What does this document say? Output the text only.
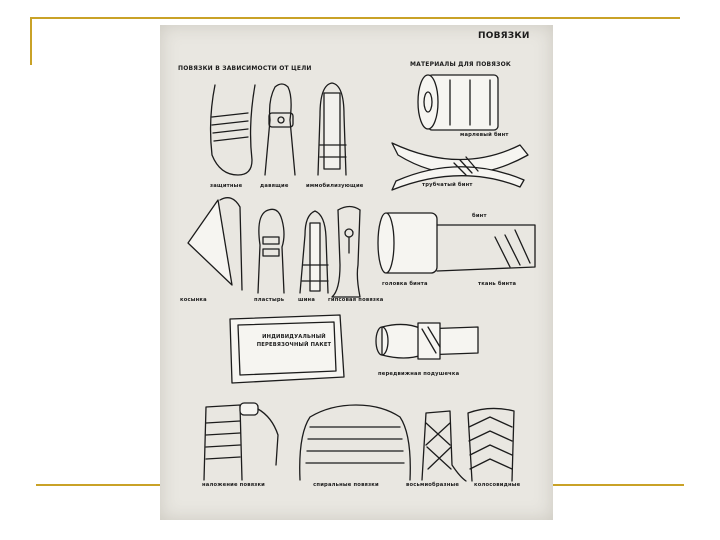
ПОВЯЗКИ
ПОВЯЗКИ В ЗАВИСИМОСТИ ОТ ЦЕЛИ
МАТЕРИАЛЫ ДЛЯ ПОВЯЗОК
защитные	давящие	иммобилизующие
марлевый бинт
трубчатый бинт
бинт
косынка	пластырь	шина гипсовая повязка
головка бинта	ткань бинта
ИНДИВИДУАЛЬНЫЙ ПЕРЕВЯЗОЧНЫЙ ПАКЕТ
передвижная подушечка
наложение повязки	спиральные повязки	восьмиобразные	колосовидные
